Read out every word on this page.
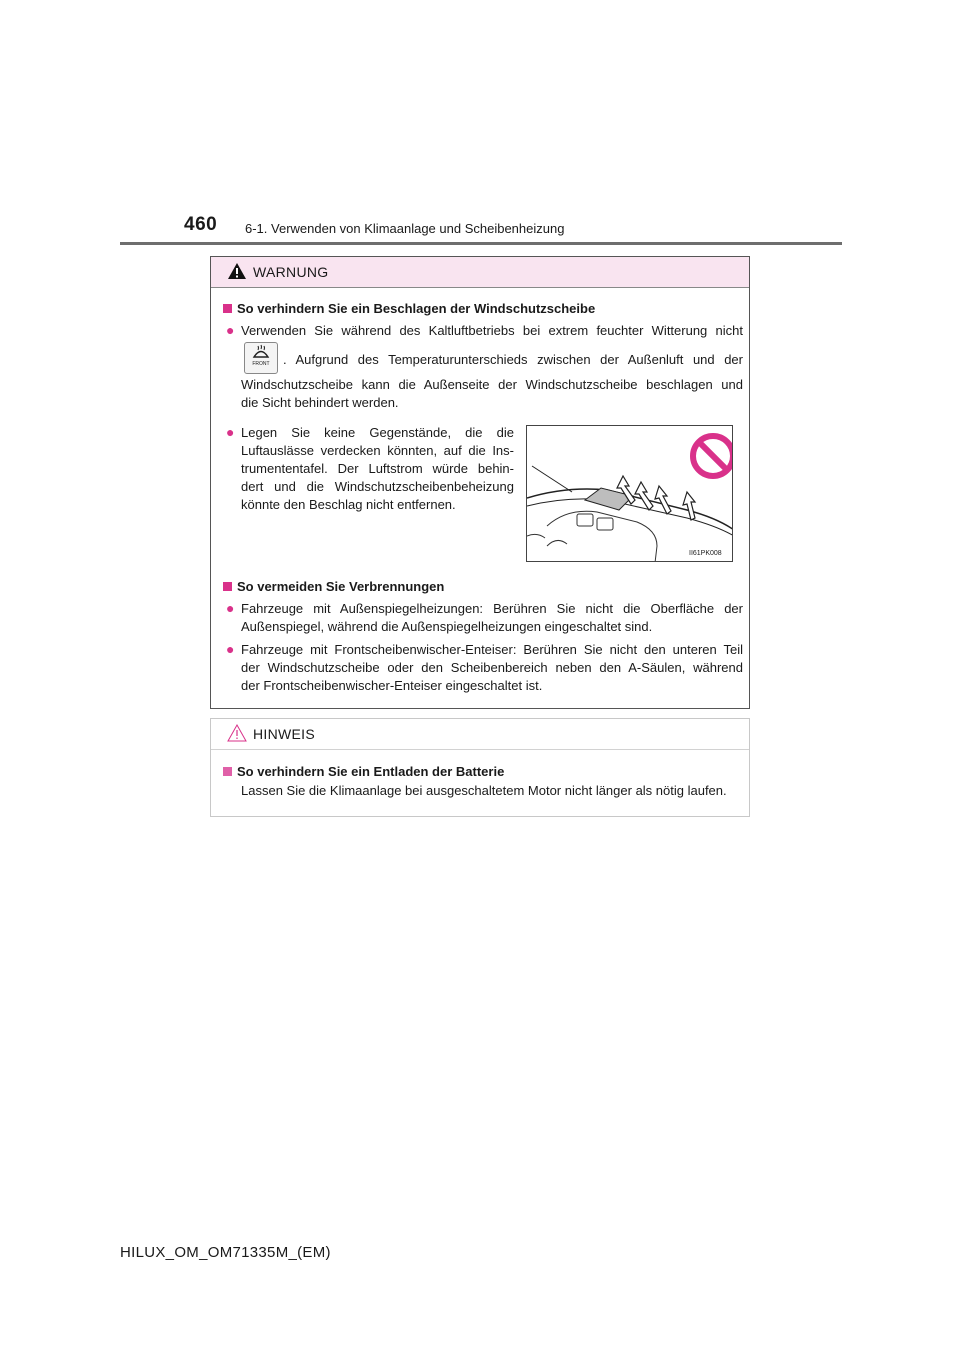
460 6-1. Verwenden von Klimaanlage und Scheibenheizung
WARNUNG
So verhindern Sie ein Beschlagen der Windschutzscheibe
● Verwenden Sie während des Kaltluftbetriebs bei extrem feuchter Witterung nicht
FRONT	. Aufgrund des Temperaturunterschieds zwischen der Außenluft und der
Windschutzscheibe kann die Außenseite der Windschutzscheibe beschlagen und
die Sicht behindert werden.
● Legen Sie keine Gegenstände, die die
Luftauslässe verdecken könnten, auf die Ins-
trumententafel. Der Luftstrom würde behin-
dert und die Windschutzscheibenbeheizung
könnte den Beschlag nicht entfernen.
II61PK008
So vermeiden Sie Verbrennungen
● Fahrzeuge mit Außenspiegelheizungen: Berühren Sie nicht die Oberfläche der
Außenspiegel, während die Außenspiegelheizungen eingeschaltet sind.
● Fahrzeuge mit Frontscheibenwischer-Enteiser: Berühren Sie nicht den unteren Teil
der Windschutzscheibe oder den Scheibenbereich neben den A-Säulen, während
der Frontscheibenwischer-Enteiser eingeschaltet ist.
HINWEIS
So verhindern Sie ein Entladen der Batterie
Lassen Sie die Klimaanlage bei ausgeschaltetem Motor nicht länger als nötig laufen.
HILUX_OM_OM71335M_(EM)
